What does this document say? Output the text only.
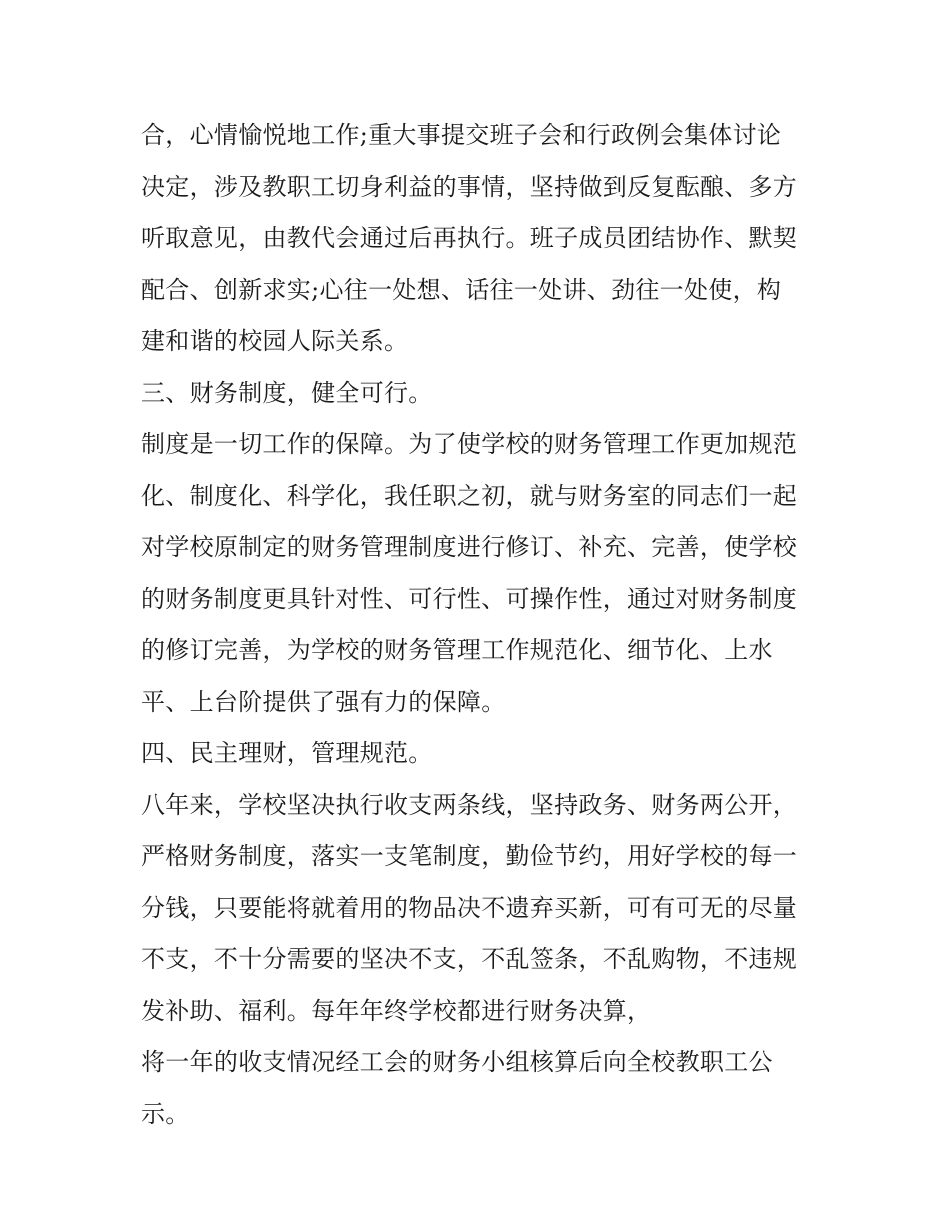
合，心情愉悦地工作;重大事提交班子会和行政例会集体讨论
决定，涉及教职工切身利益的事情，坚持做到反复酝酿、多方
听取意见，由教代会通过后再执行。班子成员团结协作、默契
配合、创新求实;心往一处想、话往一处讲、劲往一处使，构
建和谐的校园人际关系。
三、财务制度，健全可行。
制度是一切工作的保障。为了使学校的财务管理工作更加规范
化、制度化、科学化，我任职之初，就与财务室的同志们一起
对学校原制定的财务管理制度进行修订、补充、完善，使学校
的财务制度更具针对性、可行性、可操作性，通过对财务制度
的修订完善，为学校的财务管理工作规范化、细节化、上水
平、上台阶提供了强有力的保障。
四、民主理财，管理规范。
八年来，学校坚决执行收支两条线，坚持政务、财务两公开，
严格财务制度，落实一支笔制度，勤俭节约，用好学校的每一
分钱，只要能将就着用的物品决不遗弃买新，可有可无的尽量
不支，不十分需要的坚决不支，不乱签条，不乱购物，不违规
发补助、福利。每年年终学校都进行财务决算，
将一年的收支情况经工会的财务小组核算后向全校教职工公
示。
